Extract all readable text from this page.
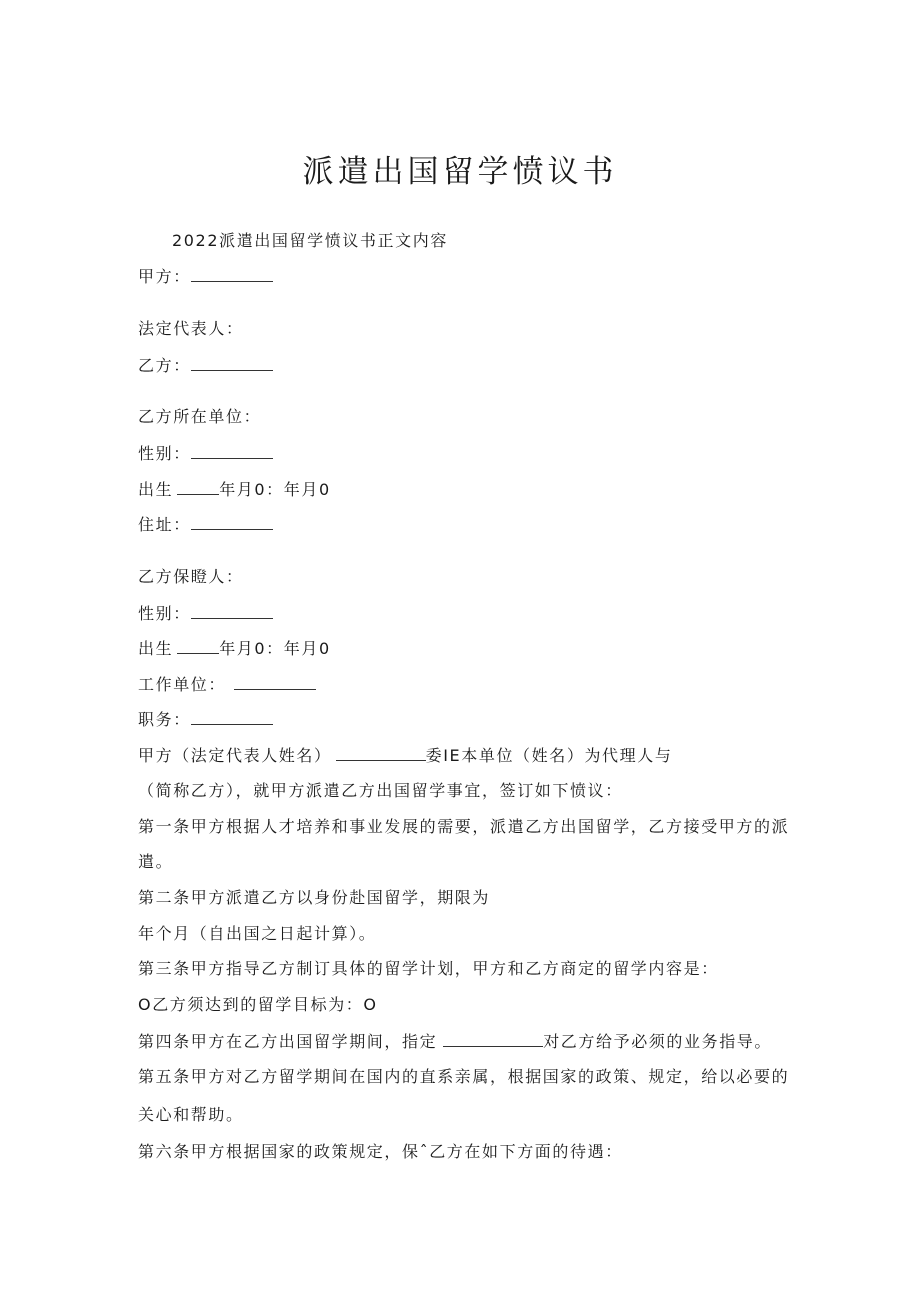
派遣出国留学愤议书
2022派遣出国留学愤议书正文内容
甲方：
法定代表人：
乙方：
乙方所在单位：
性别：
出生	年月0：年月0
住址：
乙方保瞪人：
性别：
出生	年月0：年月0
工作单位：
职务：
甲方（法定代表人姓名）	委IE本单位（姓名）为代理人与
（简称乙方），就甲方派遣乙方出国留学事宜，签订如下愤议：
第一条甲方根据人才培养和事业发展的需要，派遣乙方出国留学，乙方接受甲方的派
遣。
第二条甲方派遣乙方以身份赴国留学，期限为
年个月（自出国之日起计算）。
第三条甲方指导乙方制订具体的留学计划，甲方和乙方商定的留学内容是：
O乙方须达到的留学目标为：O
第四条甲方在乙方出国留学期间，指定	对乙方给予必须的业务指导。
第五条甲方对乙方留学期间在国内的直系亲属，根据国家的政策、规定，给以必要的
关心和帮助。
第六条甲方根据国家的政策规定，保ˆ乙方在如下方面的待遇：
